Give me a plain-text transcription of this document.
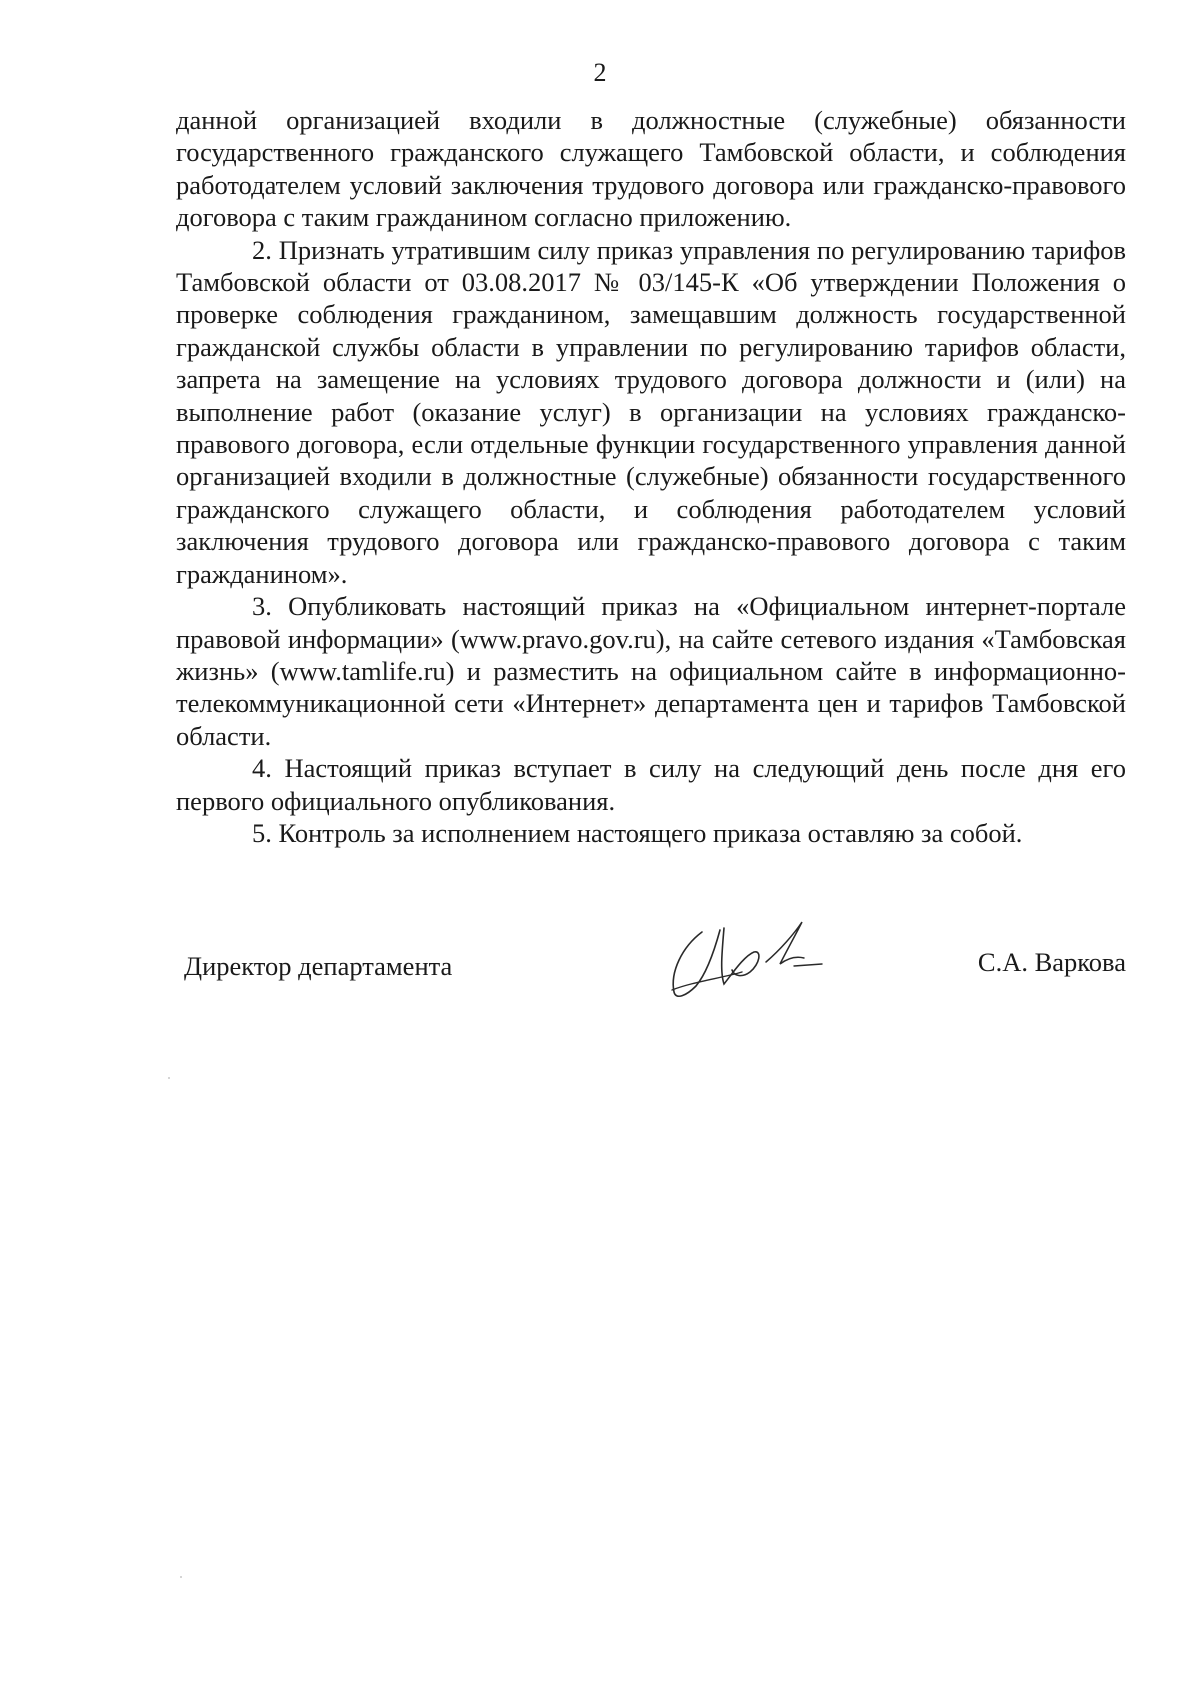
2

данной организацией входили в должностные (служебные) обязанности государственного гражданского служащего Тамбовской области, и соблюдения работодателем условий заключения трудового договора или гражданско-правового договора с таким гражданином согласно приложению.

2. Признать утратившим силу приказ управления по регулированию тарифов Тамбовской области от 03.08.2017 № 03/145-К «Об утверждении Положения о проверке соблюдения гражданином, замещавшим должность государственной гражданской службы области в управлении по регулированию тарифов области, запрета на замещение на условиях трудового договора должности и (или) на выполнение работ (оказание услуг) в организации на условиях гражданско-правового договора, если отдельные функции государственного управления данной организацией входили в должностные (служебные) обязанности государственного гражданского служащего области, и соблюдения работодателем условий заключения трудового договора или гражданско-правового договора с таким гражданином».

3. Опубликовать настоящий приказ на «Официальном интернет-портале правовой информации» (www.pravo.gov.ru), на сайте сетевого издания «Тамбовская жизнь» (www.tamlife.ru) и разместить на официальном сайте в информационно-телекоммуникационной сети «Интернет» департамента цен и тарифов Тамбовской области.

4. Настоящий приказ вступает в силу на следующий день после дня его первого официального опубликования.

5. Контроль за исполнением настоящего приказа оставляю за собой.

Директор департамента	С.А. Варкова
